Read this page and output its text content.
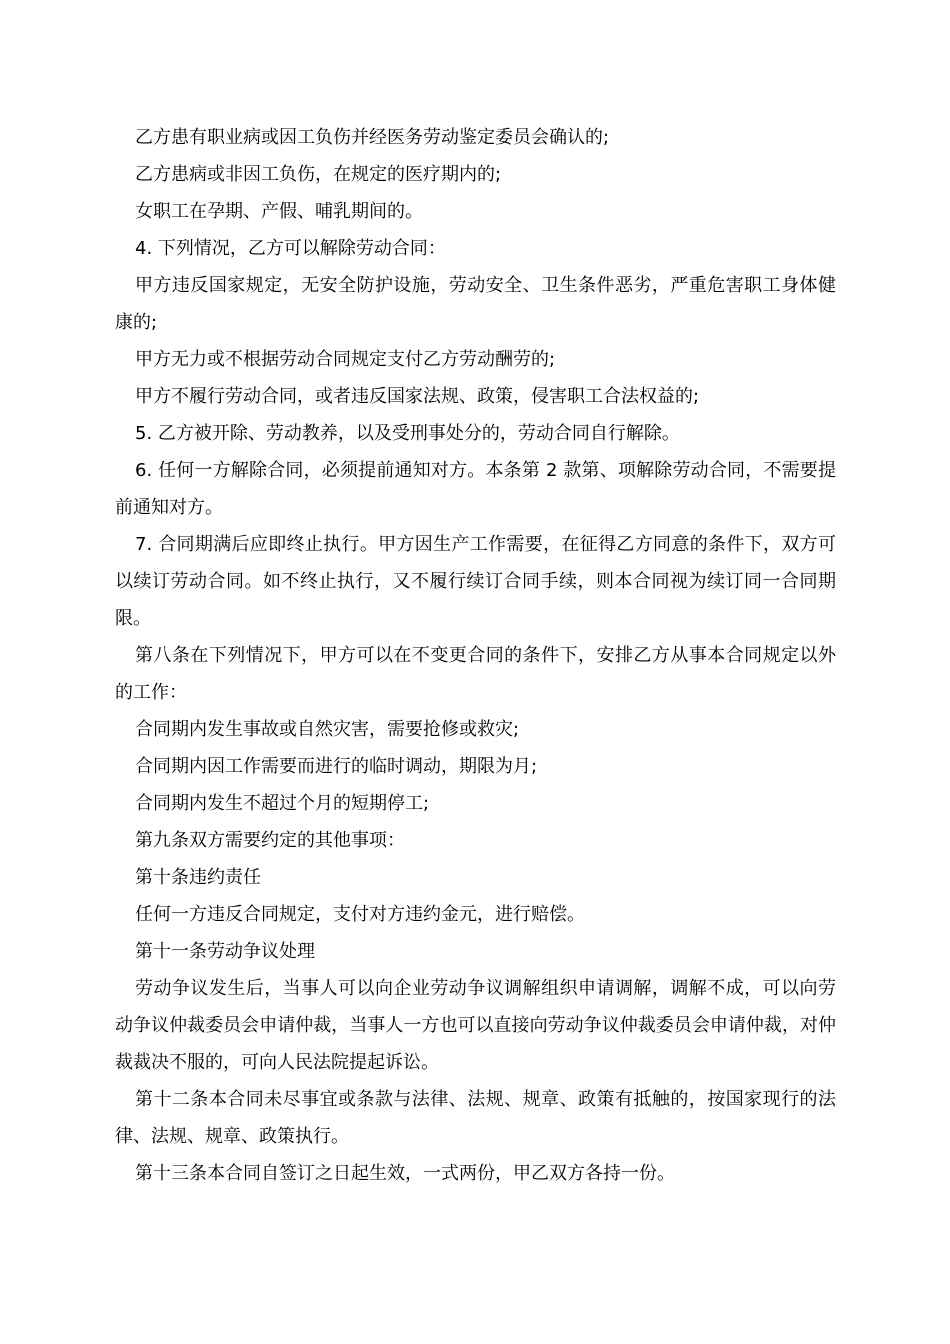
乙方患有职业病或因工负伤并经医务劳动鉴定委员会确认的;

乙方患病或非因工负伤，在规定的医疗期内的;

女职工在孕期、产假、哺乳期间的。

4. 下列情况，乙方可以解除劳动合同：

甲方违反国家规定，无安全防护设施，劳动安全、卫生条件恶劣，严重危害职工身体健康的;

甲方无力或不根据劳动合同规定支付乙方劳动酬劳的;

甲方不履行劳动合同，或者违反国家法规、政策，侵害职工合法权益的;

5. 乙方被开除、劳动教养，以及受刑事处分的，劳动合同自行解除。

6. 任何一方解除合同，必须提前通知对方。本条第 2 款第、项解除劳动合同，不需要提前通知对方。

7. 合同期满后应即终止执行。甲方因生产工作需要，在征得乙方同意的条件下，双方可以续订劳动合同。如不终止执行，又不履行续订合同手续，则本合同视为续订同一合同期限。

第八条在下列情况下，甲方可以在不变更合同的条件下，安排乙方从事本合同规定以外的工作：

合同期内发生事故或自然灾害，需要抢修或救灾;

合同期内因工作需要而进行的临时调动，期限为月;

合同期内发生不超过个月的短期停工;

第九条双方需要约定的其他事项：

第十条违约责任

任何一方违反合同规定，支付对方违约金元，进行赔偿。

第十一条劳动争议处理

劳动争议发生后，当事人可以向企业劳动争议调解组织申请调解，调解不成，可以向劳动争议仲裁委员会申请仲裁，当事人一方也可以直接向劳动争议仲裁委员会申请仲裁，对仲裁裁决不服的，可向人民法院提起诉讼。

第十二条本合同未尽事宜或条款与法律、法规、规章、政策有抵触的，按国家现行的法律、法规、规章、政策执行。

第十三条本合同自签订之日起生效，一式两份，甲乙双方各持一份。
